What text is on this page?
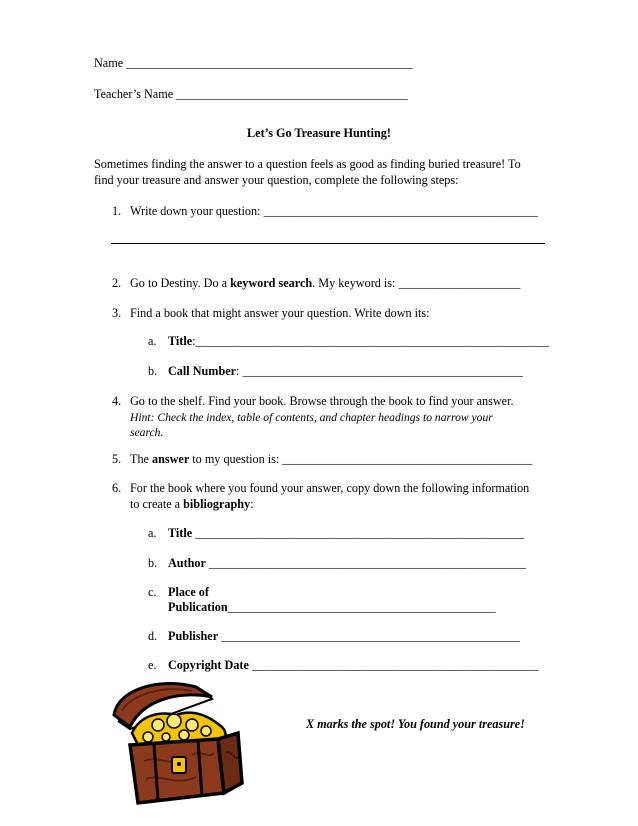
Name _______________________________________________
Teacher’s Name ______________________________________
Let’s Go Treasure Hunting!
Sometimes finding the answer to a question feels as good as finding buried treasure! To
find your treasure and answer your question, complete the following steps:
1. Write down your question: _____________________________________________
2. Go to Destiny. Do a keyword search. My keyword is: ____________________
3. Find a book that might answer your question. Write down its:
a. Title:__________________________________________________________
b. Call Number: ______________________________________________
4. Go to the shelf. Find your book. Browse through the book to find your answer.
Hint: Check the index, table of contents, and chapter headings to narrow your
search.
5. The answer to my question is: _________________________________________
6. For the book where you found your answer, copy down the following information
to create a bibliography:
a. Title ______________________________________________________
b. Author ____________________________________________________
c. Place of
Publication____________________________________________
d. Publisher _________________________________________________
e. Copyright Date _______________________________________________
X marks the spot! You found your treasure!
